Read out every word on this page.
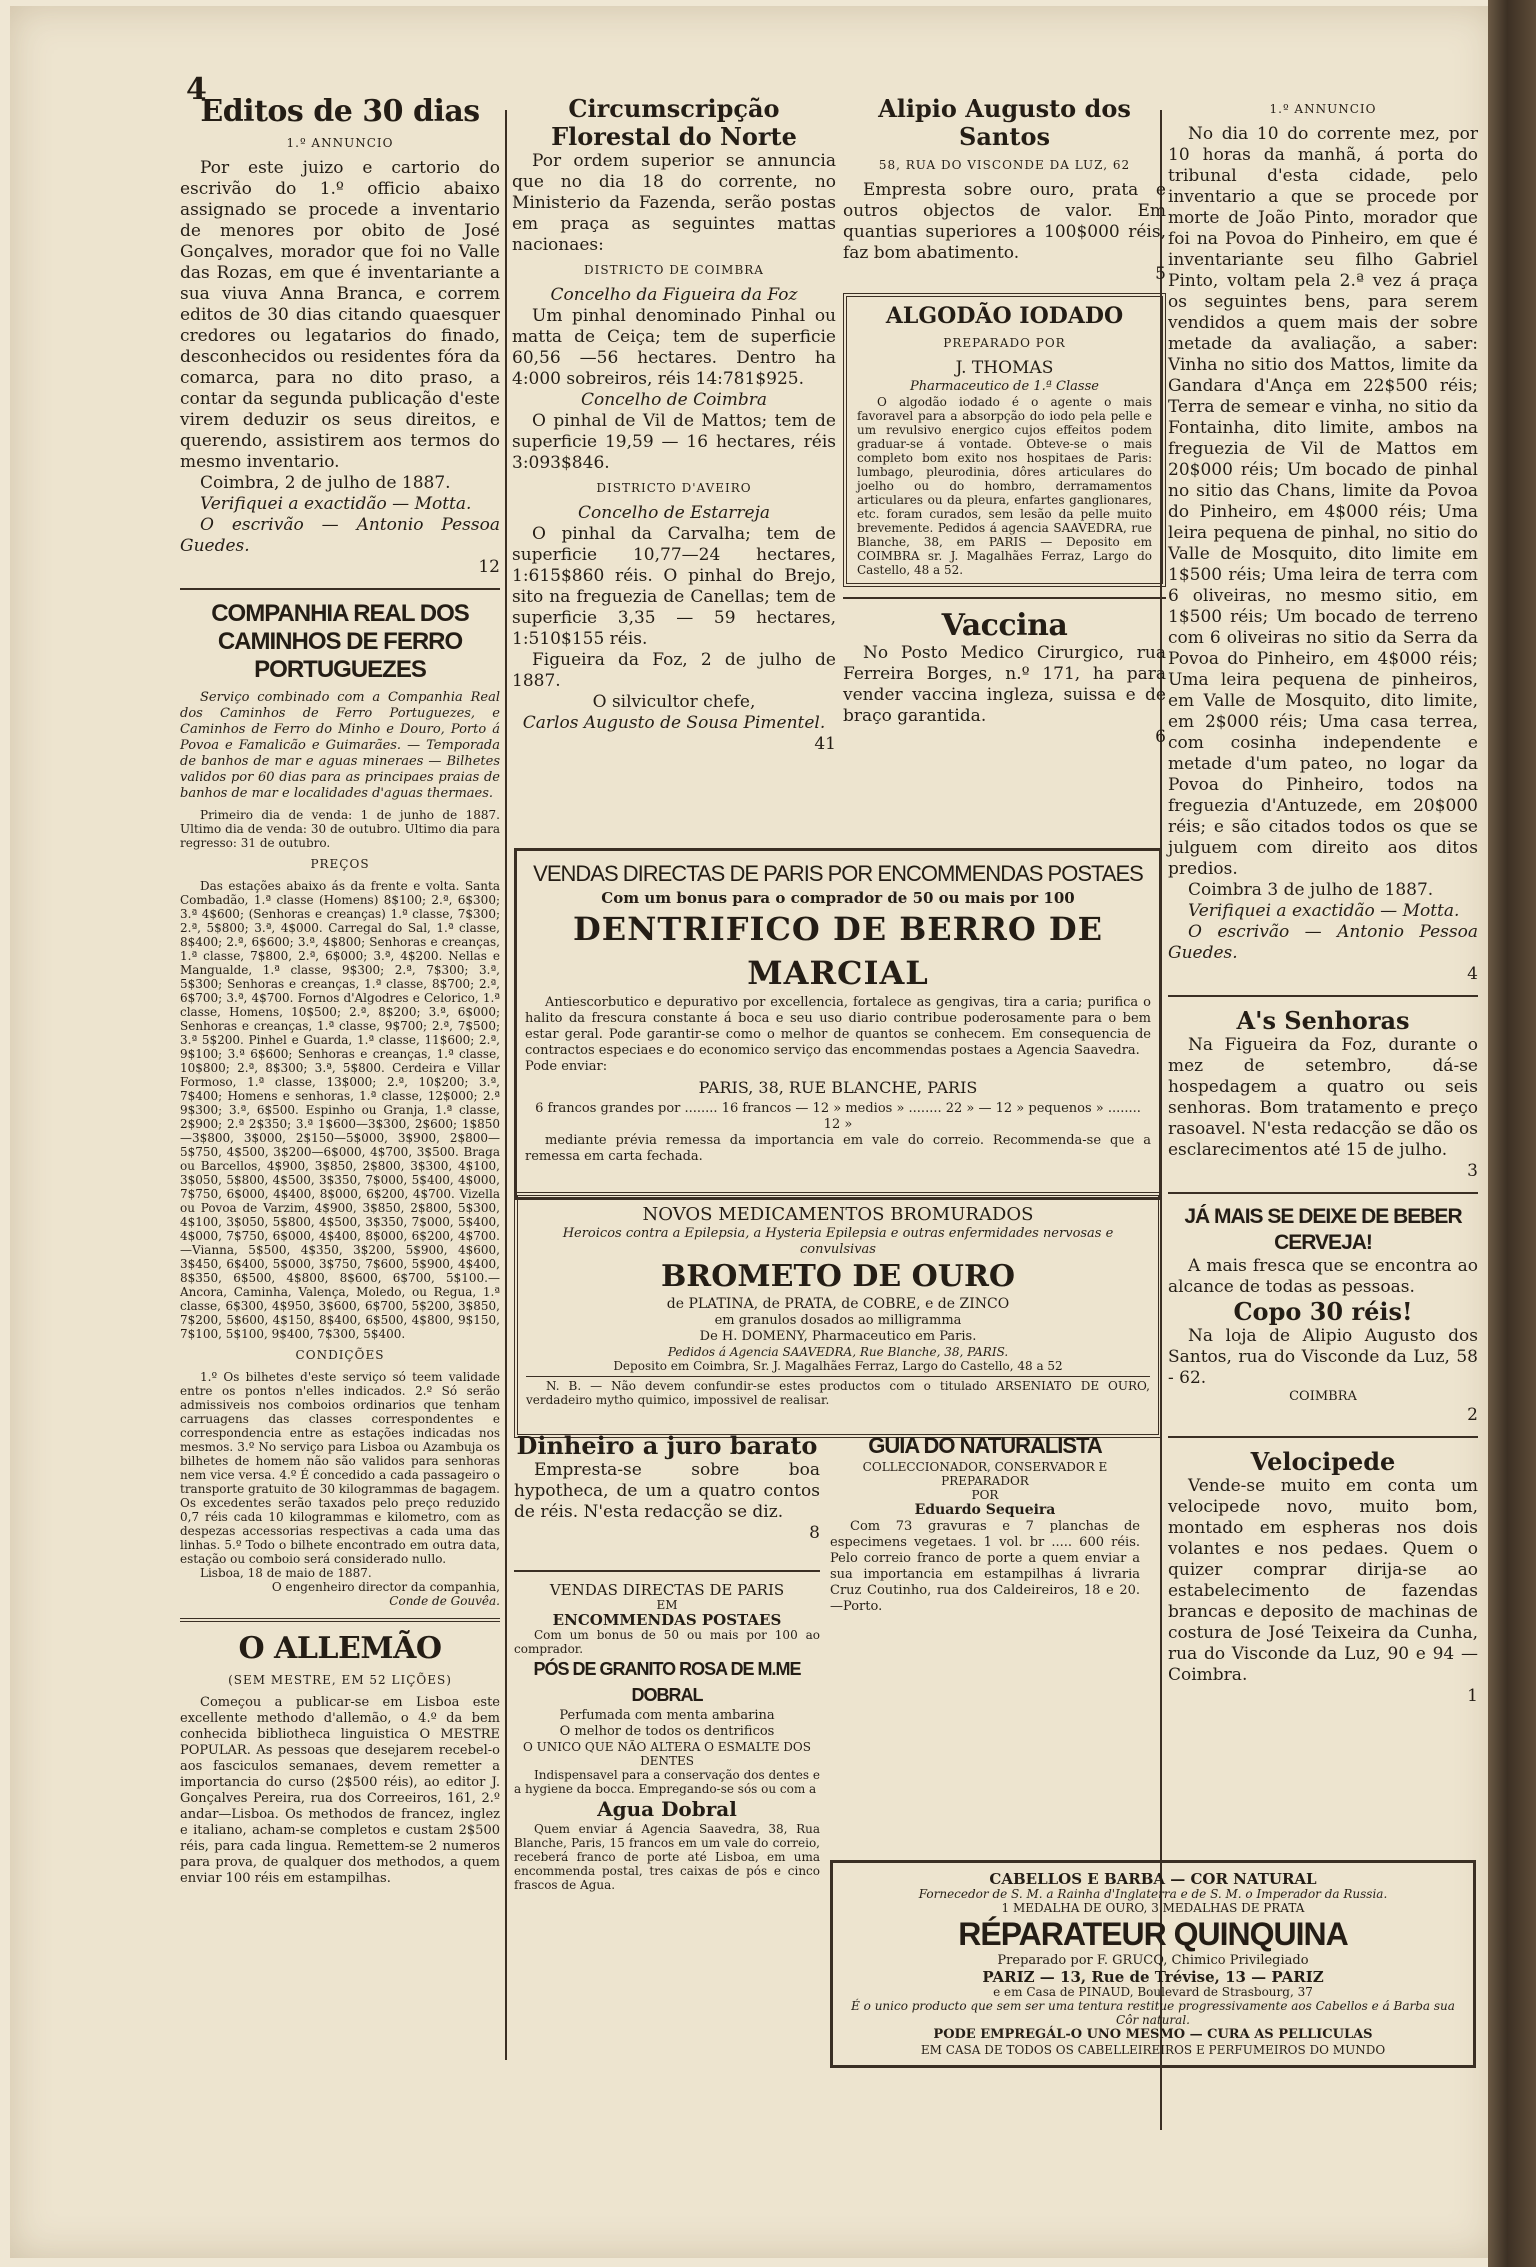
4
Editos de 30 dias
1.º ANNUNCIO

Por este juizo e cartorio do escrivão do 1.º officio abaixo assignado se procede a inventario de menores por obito de José Gonçalves, morador que foi no Valle das Rozas, em que é inventariante a sua viuva Anna Branca, e correm editos de 30 dias citando quaesquer credores ou legatarios do finado, desconhecidos ou residentes fóra da comarca, para no dito praso, a contar da segunda publicação d'este virem deduzir os seus direitos, e querendo, assistirem aos termos do mesmo inventario.

Coimbra, 2 de julho de 1887.

Verifiquei a exactidão — Motta.

O escrivão — Antonio Pessoa Guedes.

12

COMPANHIA REAL DOS CAMINHOS DE FERRO PORTUGUEZES

Serviço combinado com a Companhia Real dos Caminhos de Ferro Portuguezes, e Caminhos de Ferro do Minho e Douro, Porto á Povoa e Famalicão e Guimarães. — Temporada de banhos de mar e aguas mineraes — Bilhetes validos por 60 dias para as principaes praias de banhos de mar e localidades d'aguas thermaes.

Primeiro dia de venda: 1 de junho de 1887. Ultimo dia de venda: 30 de outubro. Ultimo dia para regresso: 31 de outubro.

PREÇOS

Das estações abaixo ás da frente e volta. Santa Combadão, 1.ª classe (Homens) 8$100; 2.ª, 6$300; 3.ª 4$600; (Senhoras e creanças) 1.ª classe, 7$300; 2.ª, 5$800; 3.ª, 4$000. Carregal do Sal, 1.ª classe, 8$400; 2.ª, 6$600; 3.ª, 4$800; Senhoras e creanças, 1.ª classe, 7$800, 2.ª, 6$000; 3.ª, 4$200. Nellas e Mangualde, 1.ª classe, 9$300; 2.ª, 7$300; 3.ª, 5$300; Senhoras e creanças, 1.ª classe, 8$700; 2.ª, 6$700; 3.ª, 4$700. Fornos d'Algodres e Celorico, 1.ª classe, Homens, 10$500; 2.ª, 8$200; 3.ª, 6$000; Senhoras e creanças, 1.ª classe, 9$700; 2.ª, 7$500; 3.ª 5$200. Pinhel e Guarda, 1.ª classe, 11$600; 2.ª, 9$100; 3.ª 6$600; Senhoras e creanças, 1.ª classe, 10$800; 2.ª, 8$300; 3.ª, 5$800. Cerdeira e Villar Formoso, 1.ª classe, 13$000; 2.ª, 10$200; 3.ª, 7$400; Homens e senhoras, 1.ª classe, 12$000; 2.ª 9$300; 3.ª, 6$500. Espinho ou Granja, 1.ª classe, 2$900; 2.ª 2$350; 3.ª 1$600—3$300, 2$600; 1$850—3$800, 3$000, 2$150—5$000, 3$900, 2$800—5$750, 4$500, 3$200—6$000, 4$700, 3$500. Braga ou Barcellos, 4$900, 3$850, 2$800, 3$300, 4$100, 3$050, 5$800, 4$500, 3$350, 7$000, 5$400, 4$000, 7$750, 6$000, 4$400, 8$000, 6$200, 4$700. Vizella ou Povoa de Varzim, 4$900, 3$850, 2$800, 5$300, 4$100, 3$050, 5$800, 4$500, 3$350, 7$000, 5$400, 4$000, 7$750, 6$000, 4$400, 8$000, 6$200, 4$700.—Vianna, 5$500, 4$350, 3$200, 5$900, 4$600, 3$450, 6$400, 5$000, 3$750, 7$600, 5$900, 4$400, 8$350, 6$500, 4$800, 8$600, 6$700, 5$100.—Ancora, Caminha, Valença, Moledo, ou Regua, 1.ª classe, 6$300, 4$950, 3$600, 6$700, 5$200, 3$850, 7$200, 5$600, 4$150, 8$400, 6$500, 4$800, 9$150, 7$100, 5$100, 9$400, 7$300, 5$400.

CONDIÇÕES

1.º Os bilhetes d'este serviço só teem validade entre os pontos n'elles indicados. 2.º Só serão admissiveis nos comboios ordinarios que tenham carruagens das classes correspondentes e correspondencia entre as estações indicadas nos mesmos. 3.º No serviço para Lisboa ou Azambuja os bilhetes de homem não são validos para senhoras nem vice versa. 4.º É concedido a cada passageiro o transporte gratuito de 30 kilogrammas de bagagem. Os excedentes serão taxados pelo preço reduzido 0,7 réis cada 10 kilogrammas e kilometro, com as despezas accessorias respectivas a cada uma das linhas. 5.º Todo o bilhete encontrado em outra data, estação ou comboio será considerado nullo.

Lisboa, 18 de maio de 1887.

O engenheiro director da companhia,

Conde de Gouvêa.

O ALLEMÃO
(SEM MESTRE, EM 52 LIÇÕES)

Começou a publicar-se em Lisboa este excellente methodo d'allemão, o 4.º da bem conhecida bibliotheca linguistica O MESTRE POPULAR. As pessoas que desejarem recebel-o aos fasciculos semanaes, devem remetter a importancia do curso (2$500 réis), ao editor J. Gonçalves Pereira, rua dos Correeiros, 161, 2.º andar—Lisboa. Os methodos de francez, inglez e italiano, acham-se completos e custam 2$500 réis, para cada lingua. Remettem-se 2 numeros para prova, de qualquer dos methodos, a quem enviar 100 réis em estampilhas.

Circumscripção Florestal do Norte

Por ordem superior se annuncia que no dia 18 do corrente, no Ministerio da Fazenda, serão postas em praça as seguintes mattas nacionaes:

DISTRICTO DE COIMBRA

Concelho da Figueira da Foz

Um pinhal denominado Pinhal ou matta de Ceiça; tem de superficie 60,56 —56 hectares. Dentro ha 4:000 sobreiros, réis 14:781$925.

Concelho de Coimbra

O pinhal de Vil de Mattos; tem de superficie 19,59 — 16 hectares, réis 3:093$846.

DISTRICTO D'AVEIRO

Concelho de Estarreja

O pinhal da Carvalha; tem de superficie 10,77—24 hectares, 1:615$860 réis. O pinhal do Brejo, sito na freguezia de Canellas; tem de superficie 3,35 — 59 hectares, 1:510$155 réis.

Figueira da Foz, 2 de julho de 1887.

O silvicultor chefe,

Carlos Augusto de Sousa Pimentel.

41

Alipio Augusto dos Santos
58, RUA DO VISCONDE DA LUZ, 62

Empresta sobre ouro, prata e outros objectos de valor. Em quantias superiores a 100$000 réis, faz bom abatimento.

5

ALGODÃO IODADO
PREPARADO POR

J. THOMAS

Pharmaceutico de 1.ª Classe

O algodão iodado é o agente o mais favoravel para a absorpção do iodo pela pelle e um revulsivo energico cujos effeitos podem graduar-se á vontade. Obteve-se o mais completo bom exito nos hospitaes de Paris: lumbago, pleurodinia, dôres articulares do joelho ou do hombro, derramamentos articulares ou da pleura, enfartes ganglionares, etc. foram curados, sem lesão da pelle muito brevemente. Pedidos á agencia SAAVEDRA, rue Blanche, 38, em PARIS — Deposito em COIMBRA sr. J. Magalhães Ferraz, Largo do Castello, 48 a 52.

Vaccina

No Posto Medico Cirurgico, rua Ferreira Borges, n.º 171, ha para vender vaccina ingleza, suissa e de braço garantida.

6

1.º ANNUNCIO

No dia 10 do corrente mez, por 10 horas da manhã, á porta do tribunal d'esta cidade, pelo inventario a que se procede por morte de João Pinto, morador que foi na Povoa do Pinheiro, em que é inventariante seu filho Gabriel Pinto, voltam pela 2.ª vez á praça os seguintes bens, para serem vendidos a quem mais der sobre metade da avaliação, a saber: Vinha no sitio dos Mattos, limite da Gandara d'Ança em 22$500 réis; Terra de semear e vinha, no sitio da Fontainha, dito limite, ambos na freguezia de Vil de Mattos em 20$000 réis; Um bocado de pinhal no sitio das Chans, limite da Povoa do Pinheiro, em 4$000 réis; Uma leira pequena de pinhal, no sitio do Valle de Mosquito, dito limite em 1$500 réis; Uma leira de terra com 6 oliveiras, no mesmo sitio, em 1$500 réis; Um bocado de terreno com 6 oliveiras no sitio da Serra da Povoa do Pinheiro, em 4$000 réis; Uma leira pequena de pinheiros, em Valle de Mosquito, dito limite, em 2$000 réis; Uma casa terrea, com cosinha independente e metade d'um pateo, no logar da Povoa do Pinheiro, todos na freguezia d'Antuzede, em 20$000 réis; e são citados todos os que se julguem com direito aos ditos predios.

Coimbra 3 de julho de 1887.

Verifiquei a exactidão — Motta.

O escrivão — Antonio Pessoa Guedes.

4

A's Senhoras

Na Figueira da Foz, durante o mez de setembro, dá-se hospedagem a quatro ou seis senhoras. Bom tratamento e preço rasoavel. N'esta redacção se dão os esclarecimentos até 15 de julho.

3

JÁ MAIS SE DEIXE DE BEBER CERVEJA!

A mais fresca que se encontra ao alcance de todas as pessoas.

Copo 30 réis!

Na loja de Alipio Augusto dos Santos, rua do Visconde da Luz, 58 - 62.

COIMBRA

2

Velocipede

Vende-se muito em conta um velocipede novo, muito bom, montado em espheras nos dois volantes e nos pedaes. Quem o quizer comprar dirija-se ao estabelecimento de fazendas brancas e deposito de machinas de costura de José Teixeira da Cunha, rua do Visconde da Luz, 90 e 94 — Coimbra.

1

VENDAS DIRECTAS DE PARIS POR ENCOMMENDAS POSTAES

Com um bonus para o comprador de 50 ou mais por 100

DENTRIFICO DE BERRO DE MARCIAL

Antiescorbutico e depurativo por excellencia, fortalece as gengivas, tira a caria; purifica o halito da frescura constante á boca e seu uso diario contribue poderosamente para o bem estar geral. Pode garantir-se como o melhor de quantos se conhecem. Em consequencia de contractos especiaes e do economico serviço das encommendas postaes a Agencia Saavedra.

Pode enviar:

PARIS, 38, RUE BLANCHE, PARIS

6 francos grandes por ........ 16 francos — 12 » medios » ........ 22 » — 12 » pequenos » ........ 12 »

mediante prévia remessa da importancia em vale do correio. Recommenda-se que a remessa em carta fechada.

NOVOS MEDICAMENTOS BROMURADOS

Heroicos contra a Epilepsia, a Hysteria Epilepsia e outras enfermidades nervosas e convulsivas

BROMETO DE OURO

de PLATINA, de PRATA, de COBRE, e de ZINCO

em granulos dosados ao milligramma

De H. DOMENY, Pharmaceutico em Paris.

Pedidos á Agencia SAAVEDRA, Rue Blanche, 38, PARIS.

Deposito em Coimbra, Sr. J. Magalhães Ferraz, Largo do Castello, 48 a 52

N. B. — Não devem confundir-se estes productos com o titulado ARSENIATO DE OURO, verdadeiro mytho quimico, impossivel de realisar.

Dinheiro a juro barato

Empresta-se sobre boa hypotheca, de um a quatro contos de réis. N'esta redacção se diz.

8

VENDAS DIRECTAS DE PARIS

EM

ENCOMMENDAS POSTAES

Com um bonus de 50 ou mais por 100 ao comprador.

PÓS DE GRANITO ROSA DE M.ME DOBRAL

Perfumada com menta ambarina

O melhor de todos os dentrificos

O UNICO QUE NÃO ALTERA O ESMALTE DOS DENTES

Indispensavel para a conservação dos dentes e a hygiene da bocca. Empregando-se sós ou com a

Agua Dobral

Quem enviar á Agencia Saavedra, 38, Rua Blanche, Paris, 15 francos em um vale do correio, receberá franco de porte até Lisboa, em uma encommenda postal, tres caixas de pós e cinco frascos de Agua.

GUIA DO NATURALISTA

COLLECCIONADOR, CONSERVADOR E PREPARADOR

POR

Eduardo Sequeira

Com 73 gravuras e 7 planchas de especimens vegetaes. 1 vol. br ..... 600 réis. Pelo correio franco de porte a quem enviar a sua importancia em estampilhas á livraria Cruz Coutinho, rua dos Caldeireiros, 18 e 20.—Porto.

CABELLOS E BARBA — COR NATURAL

Fornecedor de S. M. a Rainha d'Inglaterra e de S. M. o Imperador da Russia.

1 MEDALHA DE OURO, 3 MEDALHAS DE PRATA

RÉPARATEUR QUINQUINA

Preparado por F. GRUCQ, Chimico Privilegiado

PARIZ — 13, Rue de Trévise, 13 — PARIZ

e em Casa de PINAUD, Boulevard de Strasbourg, 37

É o unico producto que sem ser uma tentura restitue progressivamente aos Cabellos e á Barba sua Côr natural.

PODE EMPREGÁL-O UNO MESMO — CURA AS PELLICULAS

EM CASA DE TODOS OS CABELLEIREIROS E PERFUMEIROS DO MUNDO
